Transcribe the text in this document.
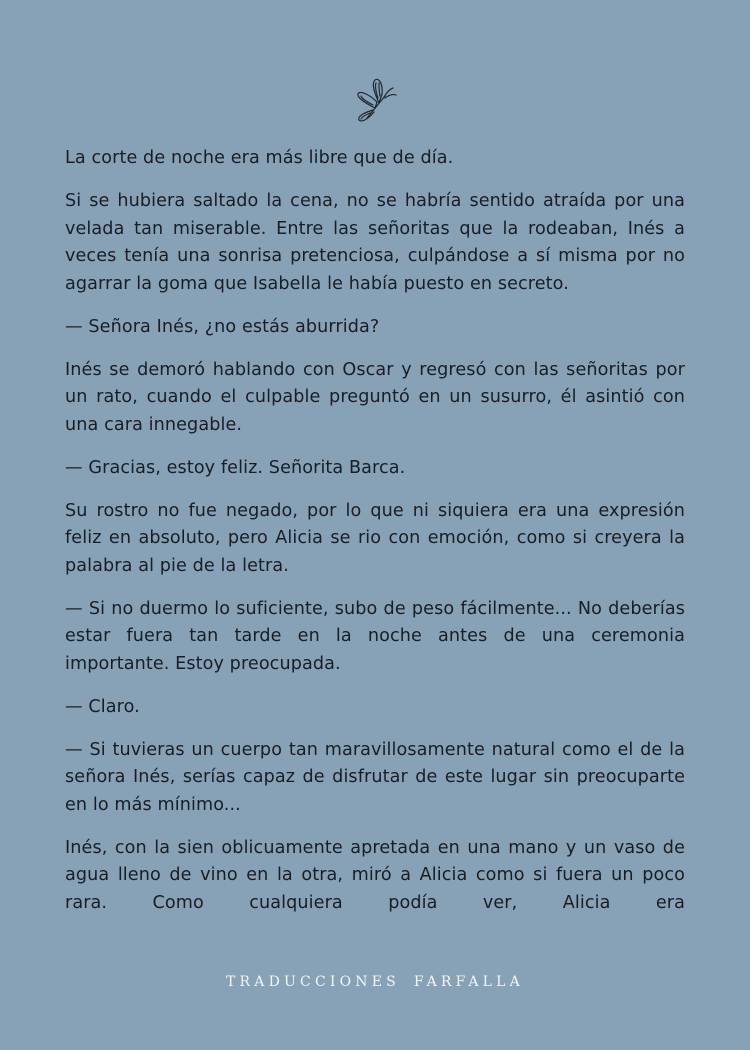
La corte de noche era más libre que de día.

Si se hubiera saltado la cena, no se habría sentido atraída por una velada tan miserable. Entre las señoritas que la rodeaban, Inés a veces tenía una sonrisa pretenciosa, culpándose a sí misma por no agarrar la goma que Isabella le había puesto en secreto.

— Señora Inés, ¿no estás aburrida?

Inés se demoró hablando con Oscar y regresó con las señoritas por un rato, cuando el culpable preguntó en un susurro, él asintió con una cara innegable.

— Gracias, estoy feliz. Señorita Barca.

Su rostro no fue negado, por lo que ni siquiera era una expresión feliz en absoluto, pero Alicia se rio con emoción, como si creyera la palabra al pie de la letra.

— Si no duermo lo suficiente, subo de peso fácilmente... No deberías estar fuera tan tarde en la noche antes de una ceremonia importante. Estoy preocupada.

— Claro.

— Si tuvieras un cuerpo tan maravillosamente natural como el de la señora Inés, serías capaz de disfrutar de este lugar sin preocuparte en lo más mínimo...

Inés, con la sien oblicuamente apretada en una mano y un vaso de agua lleno de vino en la otra, miró a Alicia como si fuera un poco rara. Como cualquiera podía ver, Alicia era

TRADUCCIONES FARFALLA
